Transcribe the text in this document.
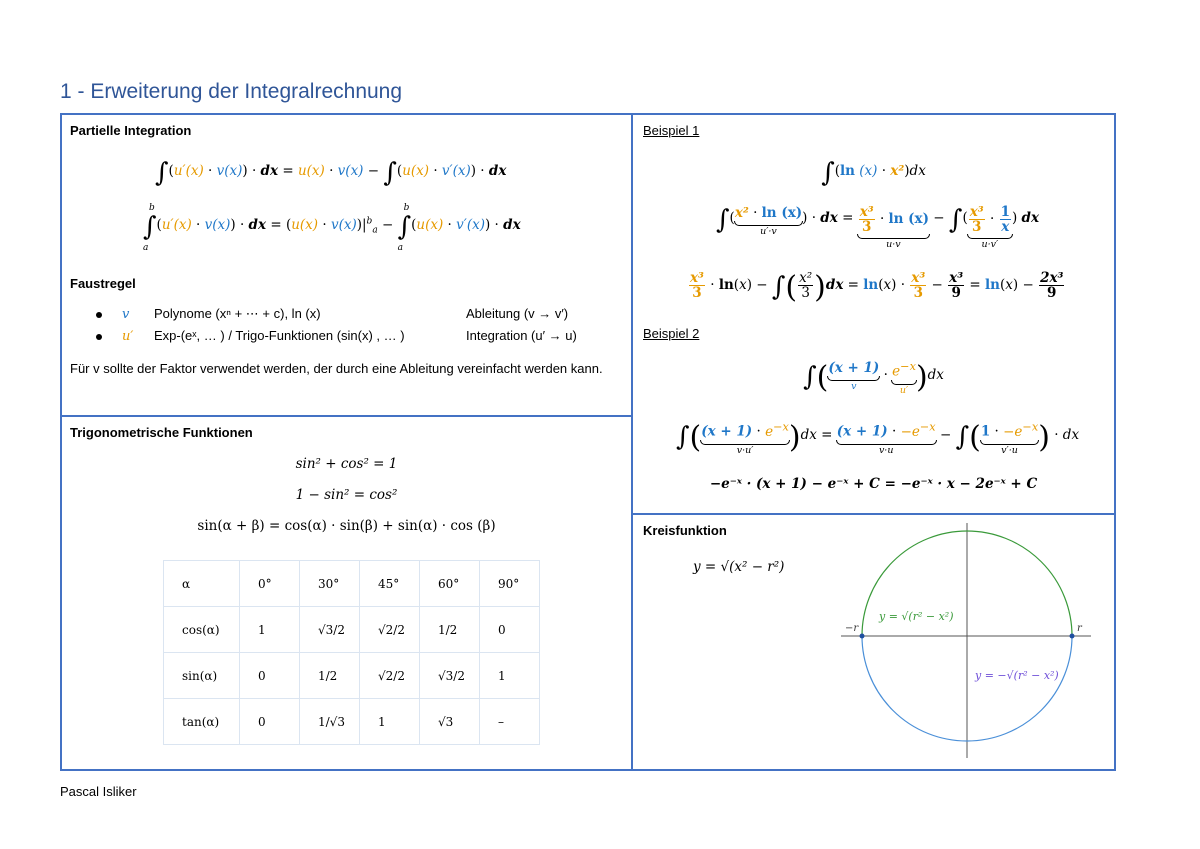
1 - Erweiterung der Integralrechnung
Partielle Integration
∫(u′(x) · v(x)) · dx = u(x) · v(x) − ∫(u(x) · v′(x)) · dx
b
∫
a
(u′(x) · v(x)) · dx = $(u(x) \cdot v(x))|^b_a$ −
b
∫
a
(u(x) · v′(x)) · dx
Faustregel
v Polynome (xⁿ + ⋯ + c), ln (x)	Ableitung (v → v′)
u′ Exp-(eˣ, … ) / Trigo-Funktionen (sin(x) , … )	Integration (u′ → u)
Für v sollte der Faktor verwendet werden, der durch eine Ableitung vereinfacht werden kann.
Trigonometrische Funktionen
sin² + cos² = 1
1 − sin² = cos²
sin(α + β) = cos(α) · sin(β) + sin(α) · cos (β)
α	0°	30°	45°	60°	90°
cos(α)	1	√3/2	√2/2	1/2	0
sin(α)	0	1/2	√2/2	√3/2	1
tan(α)	0	1/√3	1	√3	–
Beispiel 1
∫(ln (x) · x²)dx
∫( x² · ln (x)
u′·v
) · dx = $\frac{\text{x³}}{3} \cdot \ln (x)$
u·v
− ∫( $\frac{\text{x³}}{3} \cdot \frac{1}{x}$
u·v′
) dx
$\frac{\text{x³}}{3} \cdot \ln(x)$ − ∫( $\frac{\text{x²}}{3} )dx = \ln(x) \cdot \frac{\text{x³}}{3} - \frac{\text{x³}}{9} = \ln(x) - \frac{\text{2x³}}{9}$
Beispiel 2
∫( (x + 1)
v
· $e^{-x}$
u′ )dx
∫( $(x + 1) \cdot e^{-x}$
v·u′ )$dx = (x + 1) \cdot -e^{-x}$
v·u
− ∫( $1 \cdot -e^{-x}$
v′·u ) · dx
−e⁻ˣ · (x + 1) − e⁻ˣ + C = −e⁻ˣ · x − 2e⁻ˣ + C
Kreisfunktion
y = √(x² − r²)
y = √(r² − x²)
y = −√(r² − x²)
−r	r
Pascal Isliker
